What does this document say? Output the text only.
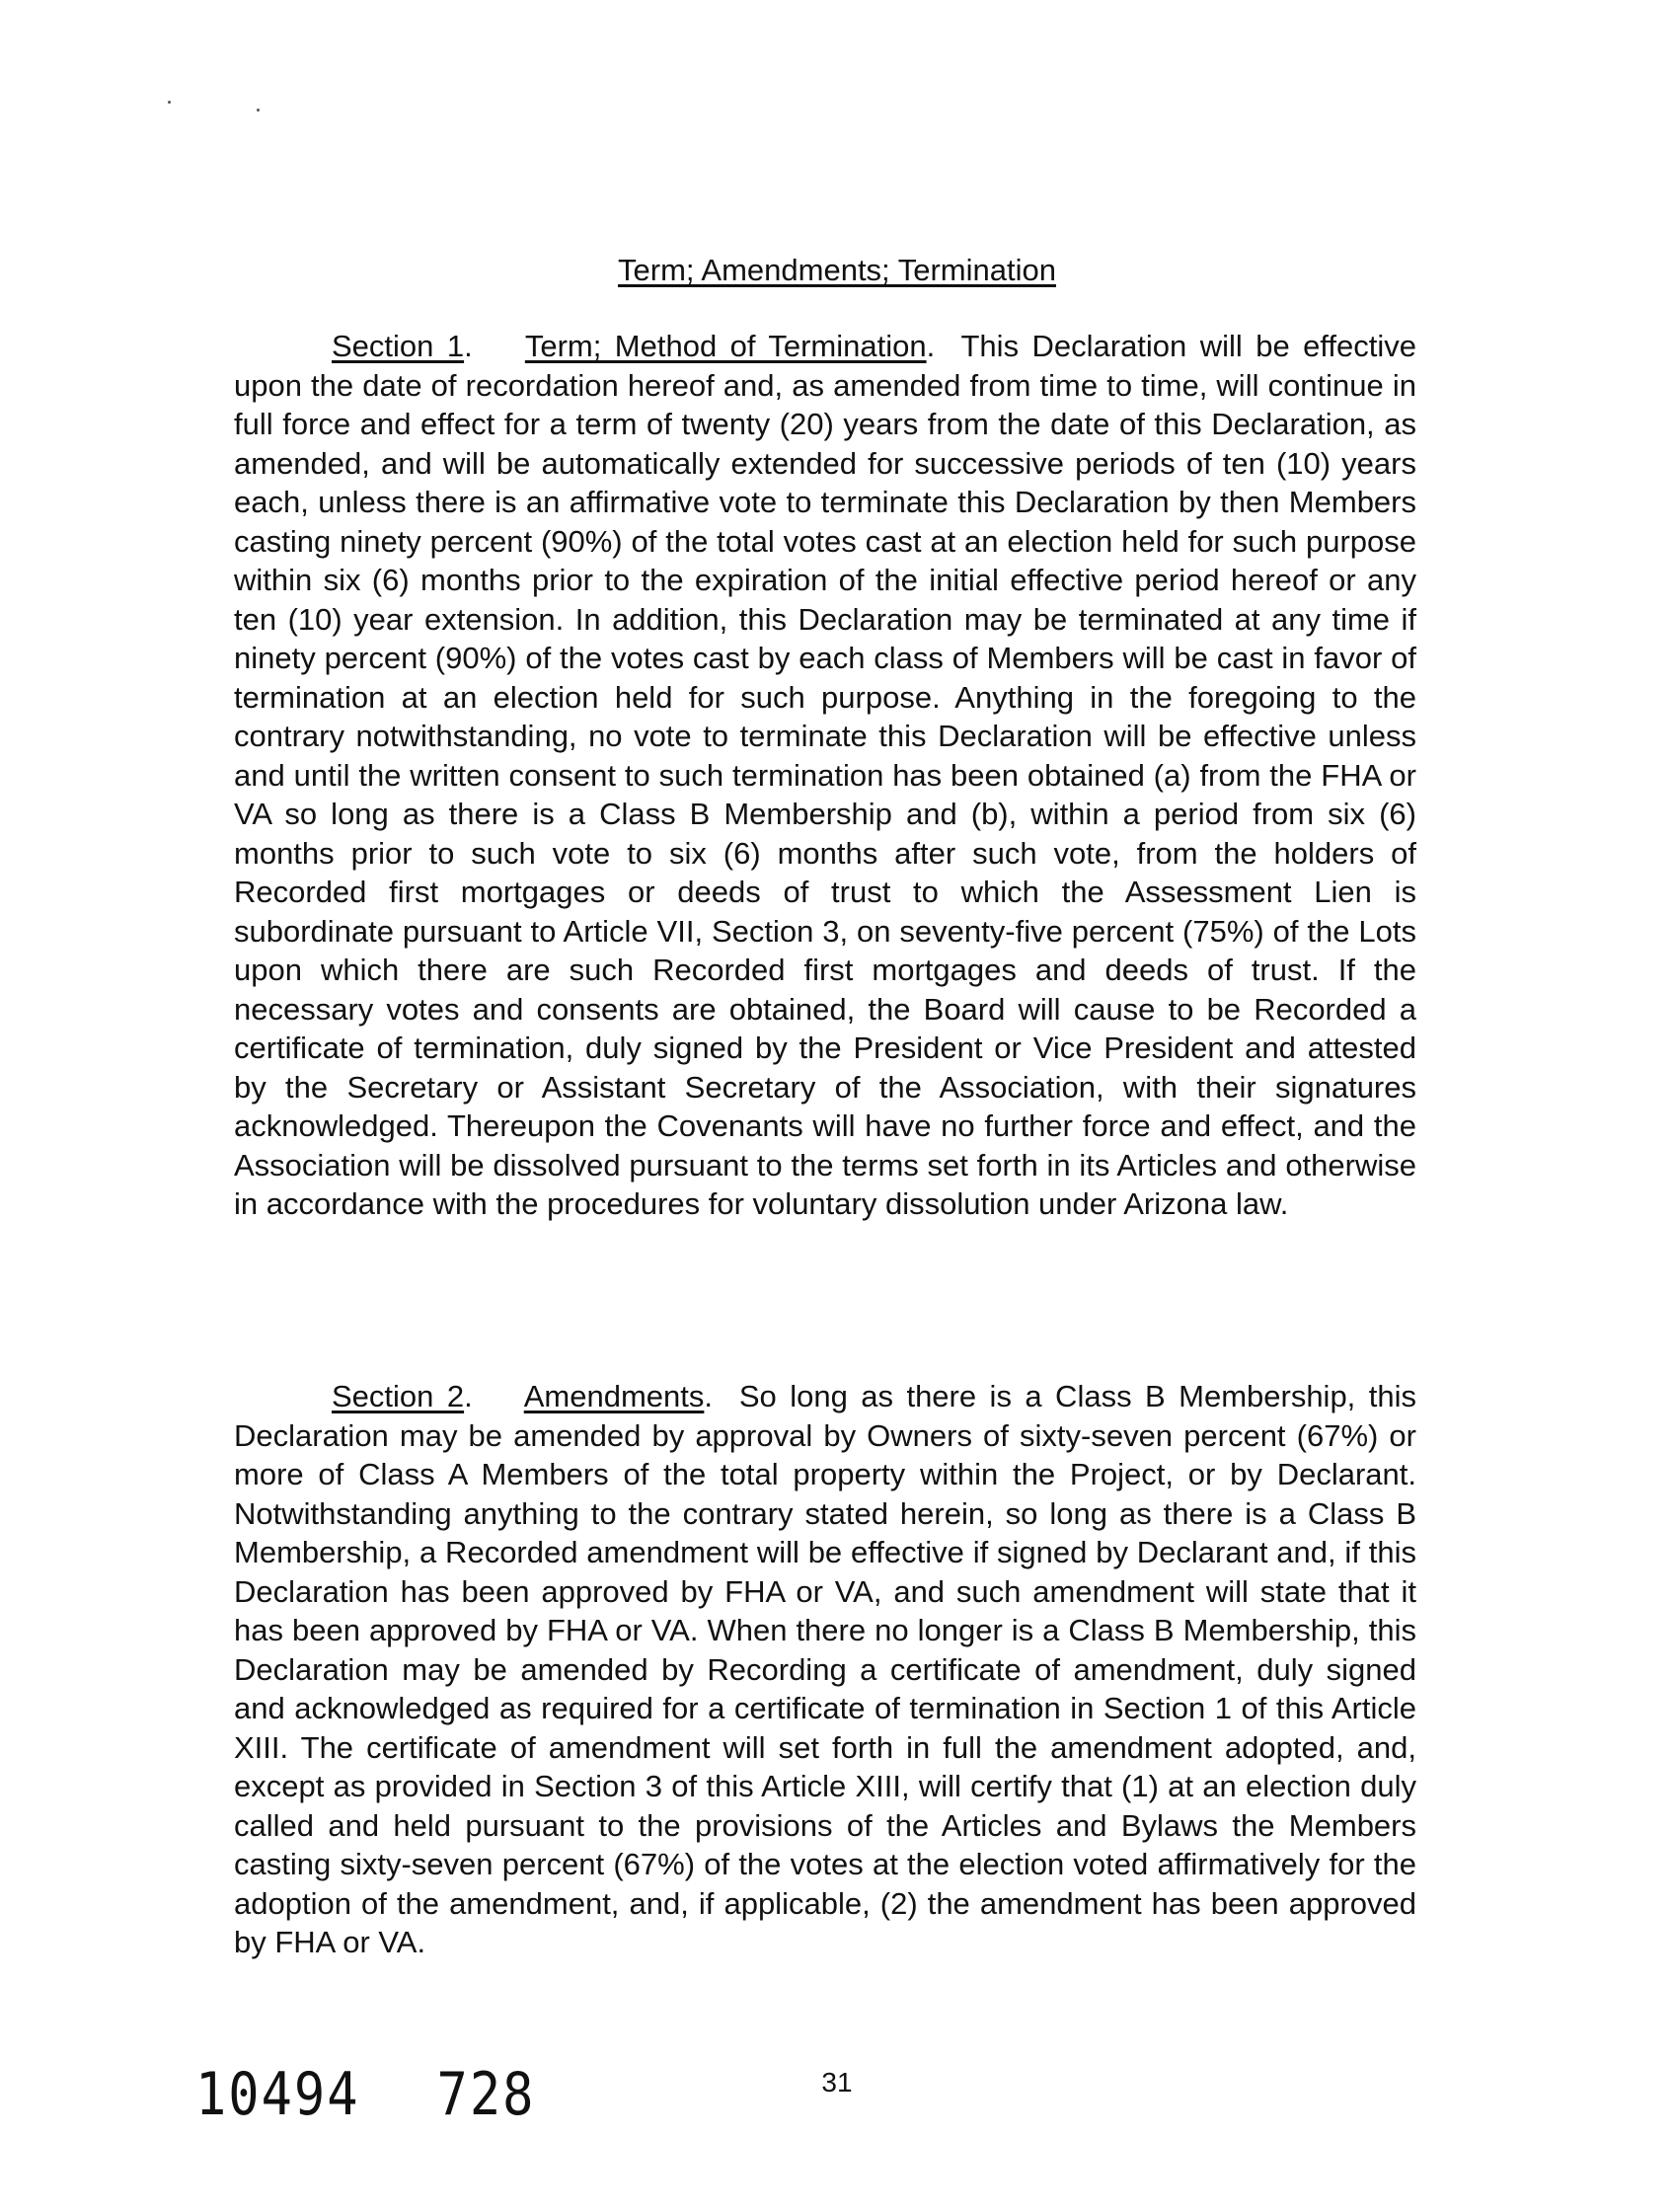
Term; Amendments; Termination

Section 1.    Term; Method of Termination.  This Declaration will be effective upon the date of recordation hereof and, as amended from time to time, will continue in full force and effect for a term of twenty (20) years from the date of this Declaration, as amended, and will be automatically extended for successive periods of ten (10) years each, unless there is an affirmative vote to terminate this Declaration by then Members casting ninety percent (90%) of the total votes cast at an election held for such purpose within six (6) months prior to the expiration of the initial effective period hereof or any ten (10) year extension. In addition, this Declaration may be terminated at any time if ninety percent (90%) of the votes cast by each class of Members will be cast in favor of termination at an election held for such purpose. Anything in the foregoing to the contrary notwithstanding, no vote to terminate this Declaration will be effective unless and until the written consent to such termination has been obtained (a) from the FHA or VA so long as there is a Class B Membership and (b), within a period from six (6) months prior to such vote to six (6) months after such vote, from the holders of Recorded first mortgages or deeds of trust to which the Assessment Lien is subordinate pursuant to Article VII, Section 3, on seventy-five percent (75%) of the Lots upon which there are such Recorded first mortgages and deeds of trust. If the necessary votes and consents are obtained, the Board will cause to be Recorded a certificate of termination, duly signed by the President or Vice President and attested by the Secretary or Assistant Secretary of the Association, with their signatures acknowledged. Thereupon the Covenants will have no further force and effect, and the Association will be dissolved pursuant to the terms set forth in its Articles and otherwise in accordance with the procedures for voluntary dissolution under Arizona law.

Section 2.    Amendments.  So long as there is a Class B Membership, this Declaration may be amended by approval by Owners of sixty-seven percent (67%) or more of Class A Members of the total property within the Project, or by Declarant. Notwithstanding anything to the contrary stated herein, so long as there is a Class B Membership, a Recorded amendment will be effective if signed by Declarant and, if this Declaration has been approved by FHA or VA, and such amendment will state that it has been approved by FHA or VA. When there no longer is a Class B Membership, this Declaration may be amended by Recording a certificate of amendment, duly signed and acknowledged as required for a certificate of termination in Section 1 of this Article XIII. The certificate of amendment will set forth in full the amendment adopted, and, except as provided in Section 3 of this Article XIII, will certify that (1) at an election duly called and held pursuant to the provisions of the Articles and Bylaws the Members casting sixty-seven percent (67%) of the votes at the election voted affirmatively for the adoption of the amendment, and, if applicable, (2) the amendment has been approved by FHA or VA.

10494 728	31
